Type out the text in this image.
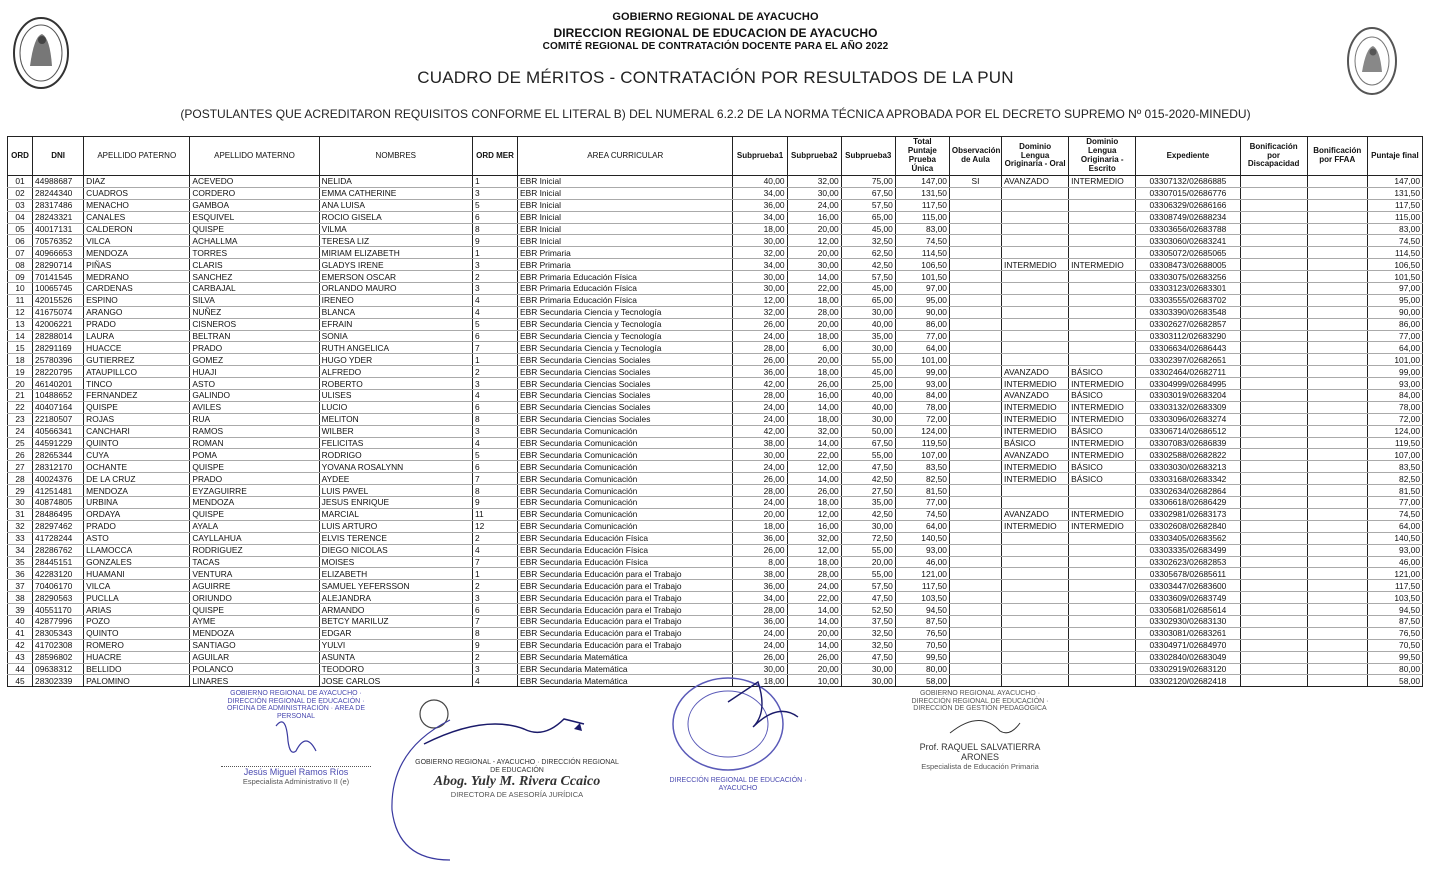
GOBIERNO REGIONAL DE AYACUCHO
DIRECCION REGIONAL DE EDUCACION DE AYACUCHO
COMITÉ REGIONAL DE CONTRATACIÓN DOCENTE PARA EL AÑO 2022
CUADRO DE MÉRITOS - CONTRATACIÓN POR RESULTADOS DE LA PUN
(POSTULANTES QUE ACREDITARON REQUISITOS CONFORME EL LITERAL B) DEL NUMERAL 6.2.2 DE LA NORMA TÉCNICA APROBADA POR EL DECRETO SUPREMO Nº 015-2020-MINEDU)
ORD	DNI	APELLIDO PATERNO	APELLIDO MATERNO	NOMBRES	ORD MER	AREA CURRICULAR	Subprueba1	Subprueba2	Subprueba3	Total Puntaje Prueba Única	Observación de Aula	Dominio Lengua Originaria - Oral	Dominio Lengua Originaria - Escrito	Expediente	Bonificación por Discapacidad	Bonificación por FFAA	Puntaje final
01	44988687	DIAZ	ACEVEDO	NELIDA	1	EBR Inicial	40,00	32,00	75,00	147,00	SI	AVANZADO	INTERMEDIO	03307132/02686885			147,00
02	28244340	CUADROS	CORDERO	EMMA CATHERINE	3	EBR Inicial	34,00	30,00	67,50	131,50				03307015/02686776			131,50
03	28317486	MENACHO	GAMBOA	ANA LUISA	5	EBR Inicial	36,00	24,00	57,50	117,50				03306329/02686166			117,50
04	28243321	CANALES	ESQUIVEL	ROCIO GISELA	6	EBR Inicial	34,00	16,00	65,00	115,00				03308749/02688234			115,00
05	40017131	CALDERON	QUISPE	VILMA	8	EBR Inicial	18,00	20,00	45,00	83,00				03303656/02683788			83,00
06	70576352	VILCA	ACHALLMA	TERESA LIZ	9	EBR Inicial	30,00	12,00	32,50	74,50				03303060/02683241			74,50
07	40966653	MENDOZA	TORRES	MIRIAM ELIZABETH	1	EBR Primaria	32,00	20,00	62,50	114,50				03305072/02685065			114,50
08	28290714	PIÑAS	CLARIS	GLADYS IRENE	3	EBR Primaria	34,00	30,00	42,50	106,50		INTERMEDIO	INTERMEDIO	03308473/02688005			106,50
09	70141545	MEDRANO	SANCHEZ	EMERSON OSCAR	2	EBR Primaria Educación Física	30,00	14,00	57,50	101,50				03303075/02683256			101,50
10	10065745	CARDENAS	CARBAJAL	ORLANDO MAURO	3	EBR Primaria Educación Física	30,00	22,00	45,00	97,00				03303123/02683301			97,00
11	42015526	ESPINO	SILVA	IRENEO	4	EBR Primaria Educación Física	12,00	18,00	65,00	95,00				03303555/02683702			95,00
12	41675074	ARANGO	NUÑEZ	BLANCA	4	EBR Secundaria Ciencia y Tecnología	32,00	28,00	30,00	90,00				03303390/02683548			90,00
13	42006221	PRADO	CISNEROS	EFRAIN	5	EBR Secundaria Ciencia y Tecnología	26,00	20,00	40,00	86,00				03302627/02682857			86,00
14	28288014	LAURA	BELTRAN	SONIA	6	EBR Secundaria Ciencia y Tecnología	24,00	18,00	35,00	77,00				03303112/02683290			77,00
15	28291169	HUACCE	PRADO	RUTH ANGELICA	7	EBR Secundaria Ciencia y Tecnología	28,00	6,00	30,00	64,00				03306634/02686443			64,00
18	25780396	GUTIERREZ	GOMEZ	HUGO YDER	1	EBR Secundaria Ciencias Sociales	26,00	20,00	55,00	101,00				03302397/02682651			101,00
19	28220795	ATAUPILLCO	HUAJI	ALFREDO	2	EBR Secundaria Ciencias Sociales	36,00	18,00	45,00	99,00		AVANZADO	BÁSICO	03302464/02682711			99,00
20	46140201	TINCO	ASTO	ROBERTO	3	EBR Secundaria Ciencias Sociales	42,00	26,00	25,00	93,00		INTERMEDIO	INTERMEDIO	03304999/02684995			93,00
21	10488652	FERNANDEZ	GALINDO	ULISES	4	EBR Secundaria Ciencias Sociales	28,00	16,00	40,00	84,00		AVANZADO	BÁSICO	03303019/02683204			84,00
22	40407164	QUISPE	AVILES	LUCIO	6	EBR Secundaria Ciencias Sociales	24,00	14,00	40,00	78,00		INTERMEDIO	INTERMEDIO	03303132/02683309			78,00
23	22180507	ROJAS	RUA	MELITON	8	EBR Secundaria Ciencias Sociales	24,00	18,00	30,00	72,00		INTERMEDIO	INTERMEDIO	03303096/02683274			72,00
24	40566341	CANCHARI	RAMOS	WILBER	3	EBR Secundaria Comunicación	42,00	32,00	50,00	124,00		INTERMEDIO	BÁSICO	03306714/02686512			124,00
25	44591229	QUINTO	ROMAN	FELICITAS	4	EBR Secundaria Comunicación	38,00	14,00	67,50	119,50		BÁSICO	INTERMEDIO	03307083/02686839			119,50
26	28265344	CUYA	POMA	RODRIGO	5	EBR Secundaria Comunicación	30,00	22,00	55,00	107,00		AVANZADO	INTERMEDIO	03302588/02682822			107,00
27	28312170	OCHANTE	QUISPE	YOVANA ROSALYNN	6	EBR Secundaria Comunicación	24,00	12,00	47,50	83,50		INTERMEDIO	BÁSICO	03303030/02683213			83,50
28	40024376	DE LA CRUZ	PRADO	AYDEE	7	EBR Secundaria Comunicación	26,00	14,00	42,50	82,50		INTERMEDIO	BÁSICO	03303168/02683342			82,50
29	41251481	MENDOZA	EYZAGUIRRE	LUIS PAVEL	8	EBR Secundaria Comunicación	28,00	26,00	27,50	81,50				03302634/02682864			81,50
30	40874805	URBINA	MENDOZA	JESUS ENRIQUE	9	EBR Secundaria Comunicación	24,00	18,00	35,00	77,00				03306618/02686429			77,00
31	28486495	ORDAYA	QUISPE	MARCIAL	11	EBR Secundaria Comunicación	20,00	12,00	42,50	74,50		AVANZADO	INTERMEDIO	03302981/02683173			74,50
32	28297462	PRADO	AYALA	LUIS ARTURO	12	EBR Secundaria Comunicación	18,00	16,00	30,00	64,00		INTERMEDIO	INTERMEDIO	03302608/02682840			64,00
33	41728244	ASTO	CAYLLAHUA	ELVIS TERENCE	2	EBR Secundaria Educación Física	36,00	32,00	72,50	140,50				03303405/02683562			140,50
34	28286762	LLAMOCCA	RODRIGUEZ	DIEGO NICOLAS	4	EBR Secundaria Educación Física	26,00	12,00	55,00	93,00				03303335/02683499			93,00
35	28445151	GONZALES	TACAS	MOISES	7	EBR Secundaria Educación Física	8,00	18,00	20,00	46,00				03302623/02682853			46,00
36	42283120	HUAMANI	VENTURA	ELIZABETH	1	EBR Secundaria Educación para el Trabajo	38,00	28,00	55,00	121,00				03305678/02685611			121,00
37	70406170	VILCA	AGUIRRE	SAMUEL YEFERSSON	2	EBR Secundaria Educación para el Trabajo	36,00	24,00	57,50	117,50				03303447/02683600			117,50
38	28290563	PUCLLA	ORIUNDO	ALEJANDRA	3	EBR Secundaria Educación para el Trabajo	34,00	22,00	47,50	103,50				03303609/02683749			103,50
39	40551170	ARIAS	QUISPE	ARMANDO	6	EBR Secundaria Educación para el Trabajo	28,00	14,00	52,50	94,50				03305681/02685614			94,50
40	42877996	POZO	AYME	BETCY MARILUZ	7	EBR Secundaria Educación para el Trabajo	36,00	14,00	37,50	87,50				03302930/02683130			87,50
41	28305343	QUINTO	MENDOZA	EDGAR	8	EBR Secundaria Educación para el Trabajo	24,00	20,00	32,50	76,50				03303081/02683261			76,50
42	41702308	ROMERO	SANTIAGO	YULVI	9	EBR Secundaria Educación para el Trabajo	24,00	14,00	32,50	70,50				03304971/02684970			70,50
43	28596802	HUACRE	AGUILAR	ASUNTA	2	EBR Secundaria Matemática	26,00	26,00	47,50	99,50				03302840/02683049			99,50
44	09638312	BELLIDO	POLANCO	TEODORO	3	EBR Secundaria Matemática	30,00	20,00	30,00	80,00				03302919/02683120			80,00
45	28302339	PALOMINO	LINARES	JOSE CARLOS	4	EBR Secundaria Matemática	18,00	10,00	30,00	58,00				03302120/02682418			58,00
GOBIERNO REGIONAL DE AYACUCHO · DIRECCIÓN REGIONAL DE EDUCACIÓN · OFICINA DE ADMINISTRACIÓN · AREA DE PERSONAL
Jesús Miguel Ramos Ríos
Especialista Administrativo II (e)
GOBIERNO REGIONAL - AYACUCHO · DIRECCIÓN REGIONAL DE EDUCACIÓN
Abog. Yuly M. Rivera Ccaico
DIRECTORA DE ASESORÍA JURÍDICA
DIRECCIÓN REGIONAL DE EDUCACIÓN · AYACUCHO
GOBIERNO REGIONAL AYACUCHO · DIRECCIÓN REGIONAL DE EDUCACIÓN · DIRECCIÓN DE GESTIÓN PEDAGÓGICA
Prof. RAQUEL SALVATIERRA ARONES
Especialista de Educación Primaria
